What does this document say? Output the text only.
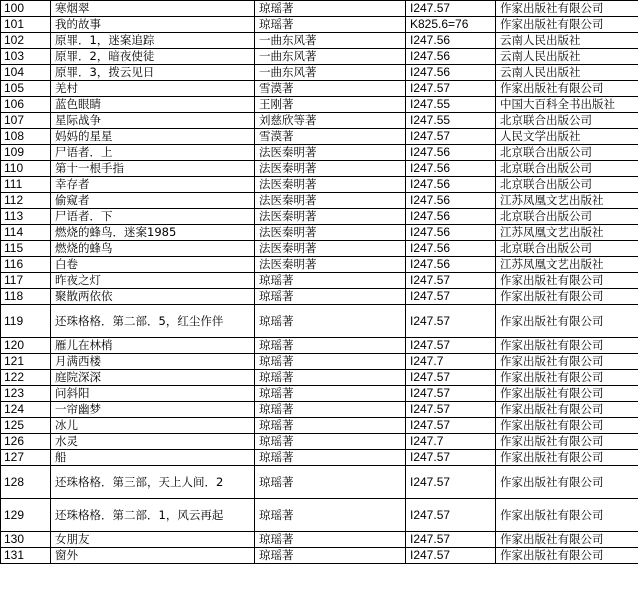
100	寒烟翠	琼瑶著	I247.57	作家出版社有限公司
101	我的故事	琼瑶著	K825.6=76	作家出版社有限公司
102	原罪．1，迷案追踪	一曲东风著	I247.56	云南人民出版社
103	原罪．2，暗夜使徒	一曲东风著	I247.56	云南人民出版社
104	原罪．3，拨云见日	一曲东风著	I247.56	云南人民出版社
105	羌村	雪漠著	I247.57	作家出版社有限公司
106	蓝色眼睛	王刚著	I247.55	中国大百科全书出版社
107	星际战争	刘慈欣等著	I247.55	北京联合出版公司
108	妈妈的星星	雪漠著	I247.57	人民文学出版社
109	尸语者．上	法医秦明著	I247.56	北京联合出版公司
110	第十一根手指	法医秦明著	I247.56	北京联合出版公司
111	幸存者	法医秦明著	I247.56	北京联合出版公司
112	偷窥者	法医秦明著	I247.56	江苏凤凰文艺出版社
113	尸语者．下	法医秦明著	I247.56	北京联合出版公司
114	燃烧的蜂鸟．迷案1985	法医秦明著	I247.56	江苏凤凰文艺出版社
115	燃烧的蜂鸟	法医秦明著	I247.56	北京联合出版公司
116	白卷	法医秦明著	I247.56	江苏凤凰文艺出版社
117	昨夜之灯	琼瑶著	I247.57	作家出版社有限公司
118	聚散两依依	琼瑶著	I247.57	作家出版社有限公司
119	还珠格格．第二部．5，红尘作伴	琼瑶著	I247.57	作家出版社有限公司
120	雁儿在林梢	琼瑶著	I247.57	作家出版社有限公司
121	月满西楼	琼瑶著	I247.7	作家出版社有限公司
122	庭院深深	琼瑶著	I247.57	作家出版社有限公司
123	问斜阳	琼瑶著	I247.57	作家出版社有限公司
124	一帘幽梦	琼瑶著	I247.57	作家出版社有限公司
125	冰儿	琼瑶著	I247.57	作家出版社有限公司
126	水灵	琼瑶著	I247.7	作家出版社有限公司
127	船	琼瑶著	I247.57	作家出版社有限公司
128	还珠格格．第三部，天上人间．2	琼瑶著	I247.57	作家出版社有限公司
129	还珠格格．第二部．1，风云再起	琼瑶著	I247.57	作家出版社有限公司
130	女朋友	琼瑶著	I247.57	作家出版社有限公司
131	窗外	琼瑶著	I247.57	作家出版社有限公司
